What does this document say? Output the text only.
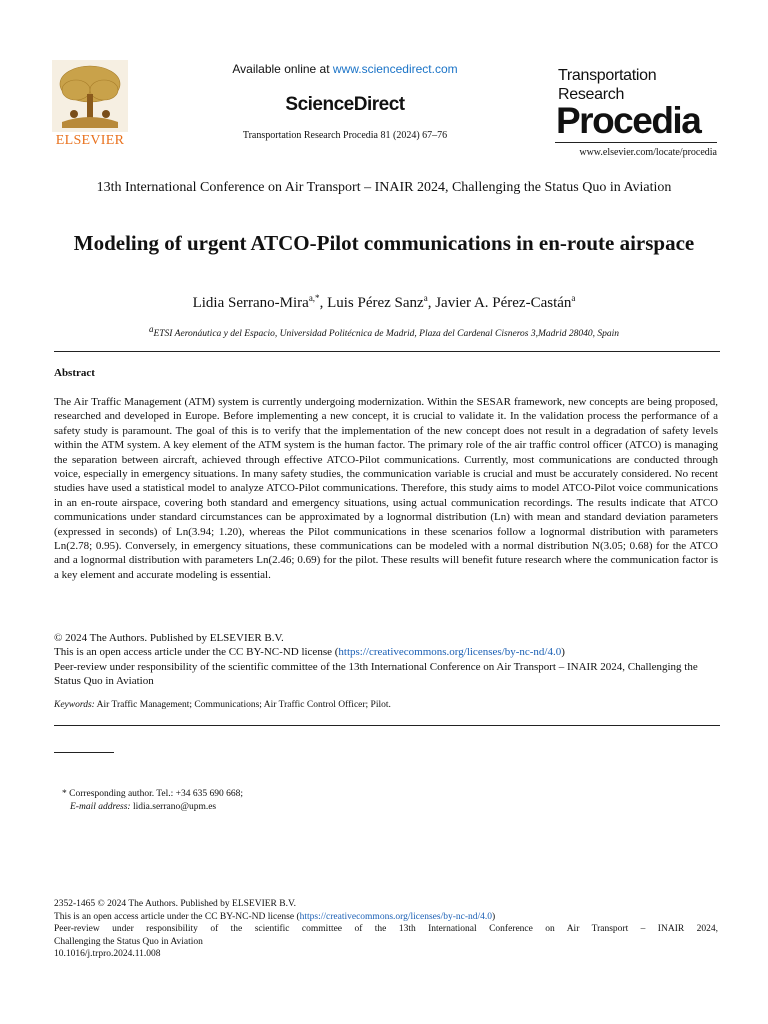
ELSEVIER
Available online at www.sciencedirect.com
ScienceDirect
Transportation Research Procedia 81 (2024) 67–76
Transportation
Research
Procedia
www.elsevier.com/locate/procedia
13th International Conference on Air Transport – INAIR 2024, Challenging the Status Quo in Aviation
Modeling of urgent ATCO-Pilot communications in en-route airspace
Lidia Serrano-Mira$^{a,*}$, Luis Pérez Sanz$^a$, Javier A. Pérez-Castán$^a$
$^a$ETSI Aeronáutica y del Espacio, Universidad Politécnica de Madrid, Plaza del Cardenal Cisneros 3,Madrid 28040, Spain
Abstract
The Air Traffic Management (ATM) system is currently undergoing modernization. Within the SESAR framework, new concepts are being proposed, researched and developed in Europe. Before implementing a new concept, it is crucial to validate it. In the validation process the performance of a safety study is paramount. The goal of this is to verify that the implementation of the new concept does not result in a degradation of safety levels within the ATM system. A key element of the ATM system is the human factor. The primary role of the air traffic control officer (ATCO) is managing the separation between aircraft, achieved through effective ATCO-Pilot communications. Currently, most communications are conducted through voice, especially in emergency situations. In many safety studies, the communication variable is crucial and must be accurately considered. No recent studies have used a statistical model to analyze ATCO-Pilot communications. Therefore, this study aims to model ATCO-Pilot voice communications in an en-route airspace, covering both standard and emergency situations, using actual communication recordings. The results indicate that ATCO communications under standard circumstances can be approximated by a lognormal distribution (Ln) with mean and standard deviation parameters (expressed in seconds) of Ln(3.94; 1.20), whereas the Pilot communications in these scenarios follow a lognormal distribution with parameters Ln(2.78; 0.95). Conversely, in emergency situations, these communications can be modeled with a normal distribution N(3.05; 0.68) for the ATCO and a lognormal distribution with parameters Ln(2.46; 0.69) for the pilot. These results will benefit future research where the communication factor is a key element and accurate modeling is essential.
© 2024 The Authors. Published by ELSEVIER B.V.
This is an open access article under the CC BY-NC-ND license (https://creativecommons.org/licenses/by-nc-nd/4.0)
Peer-review under responsibility of the scientific committee of the 13th International Conference on Air Transport – INAIR 2024, Challenging the Status Quo in Aviation
Keywords: Air Traffic Management; Communications; Air Traffic Control Officer; Pilot.
* Corresponding author. Tel.: +34 635 690 668;
E-mail address: lidia.serrano@upm.es
2352-1465 © 2024 The Authors. Published by ELSEVIER B.V.
This is an open access article under the CC BY-NC-ND license (https://creativecommons.org/licenses/by-nc-nd/4.0)
Peer-review under responsibility of the scientific committee of the 13th International Conference on Air Transport – INAIR 2024,
Challenging the Status Quo in Aviation
10.1016/j.trpro.2024.11.008
